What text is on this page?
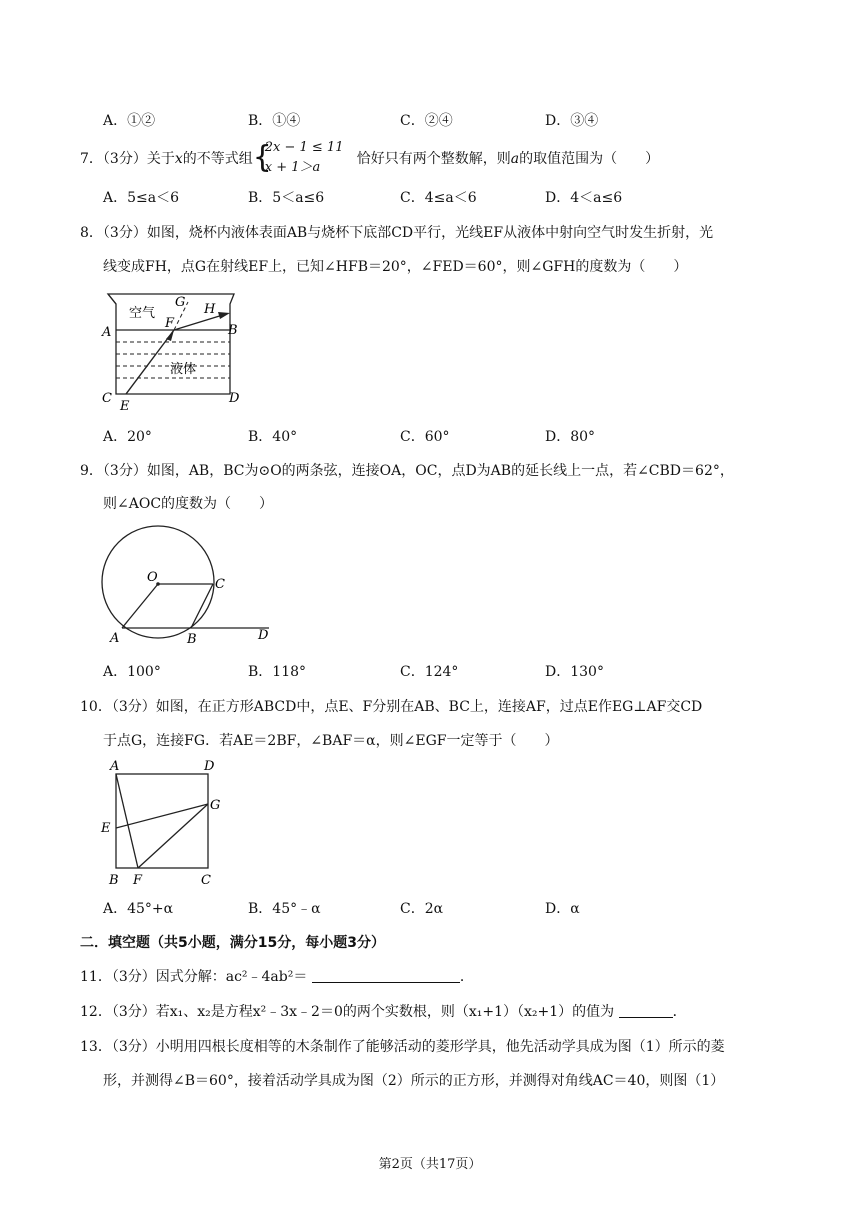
A．①②	B．①④	C．②④	D．③④
7．（3分）关于x的不等式组 {
2x − 1 ≤ 11
x + 1＞a
恰好只有两个整数解，则a的取值范围为（　　）
A．5≤a＜6	B．5＜a≤6	C．4≤a＜6	D．4＜a≤6
8．（3分）如图，烧杯内液体表面AB与烧杯下底部CD平行，光线EF从液体中射向空气时发生折射，光
线变成FH，点G在射线EF上，已知∠HFB＝20°，∠FED＝60°，则∠GFH的度数为（　　）
空气
液体
A	B
C	D
E
F
G H
A．20°	B．40°	C．60°	D．80°
9．（3分）如图，AB，BC为⊙O的两条弦，连接OA，OC，点D为AB的延长线上一点，若∠CBD＝62°，
则∠AOC的度数为（　　）
O
A	B
C
D
A．100°	B．118°	C．124°	D．130°
10．（3分）如图，在正方形ABCD中，点E、F分别在AB、BC上，连接AF，过点E作EG⊥AF交CD
于点G，连接FG．若AE＝2BF，∠BAF＝α，则∠EGF一定等于（　　）
A	D
G
E
B F	C
A．45°+α	B．45°﹣α	C．2α	D．α
二．填空题（共5小题，满分15分，每小题3分）
11．（3分）因式分解：ac²﹣4ab²＝	．
12．（3分）若x₁、x₂是方程x²﹣3x﹣2＝0的两个实数根，则（x₁+1）（x₂+1）的值为	．
13．（3分）小明用四根长度相等的木条制作了能够活动的菱形学具，他先活动学具成为图（1）所示的菱
形，并测得∠B＝60°，接着活动学具成为图（2）所示的正方形，并测得对角线AC＝40，则图（1）
第2页（共17页）
